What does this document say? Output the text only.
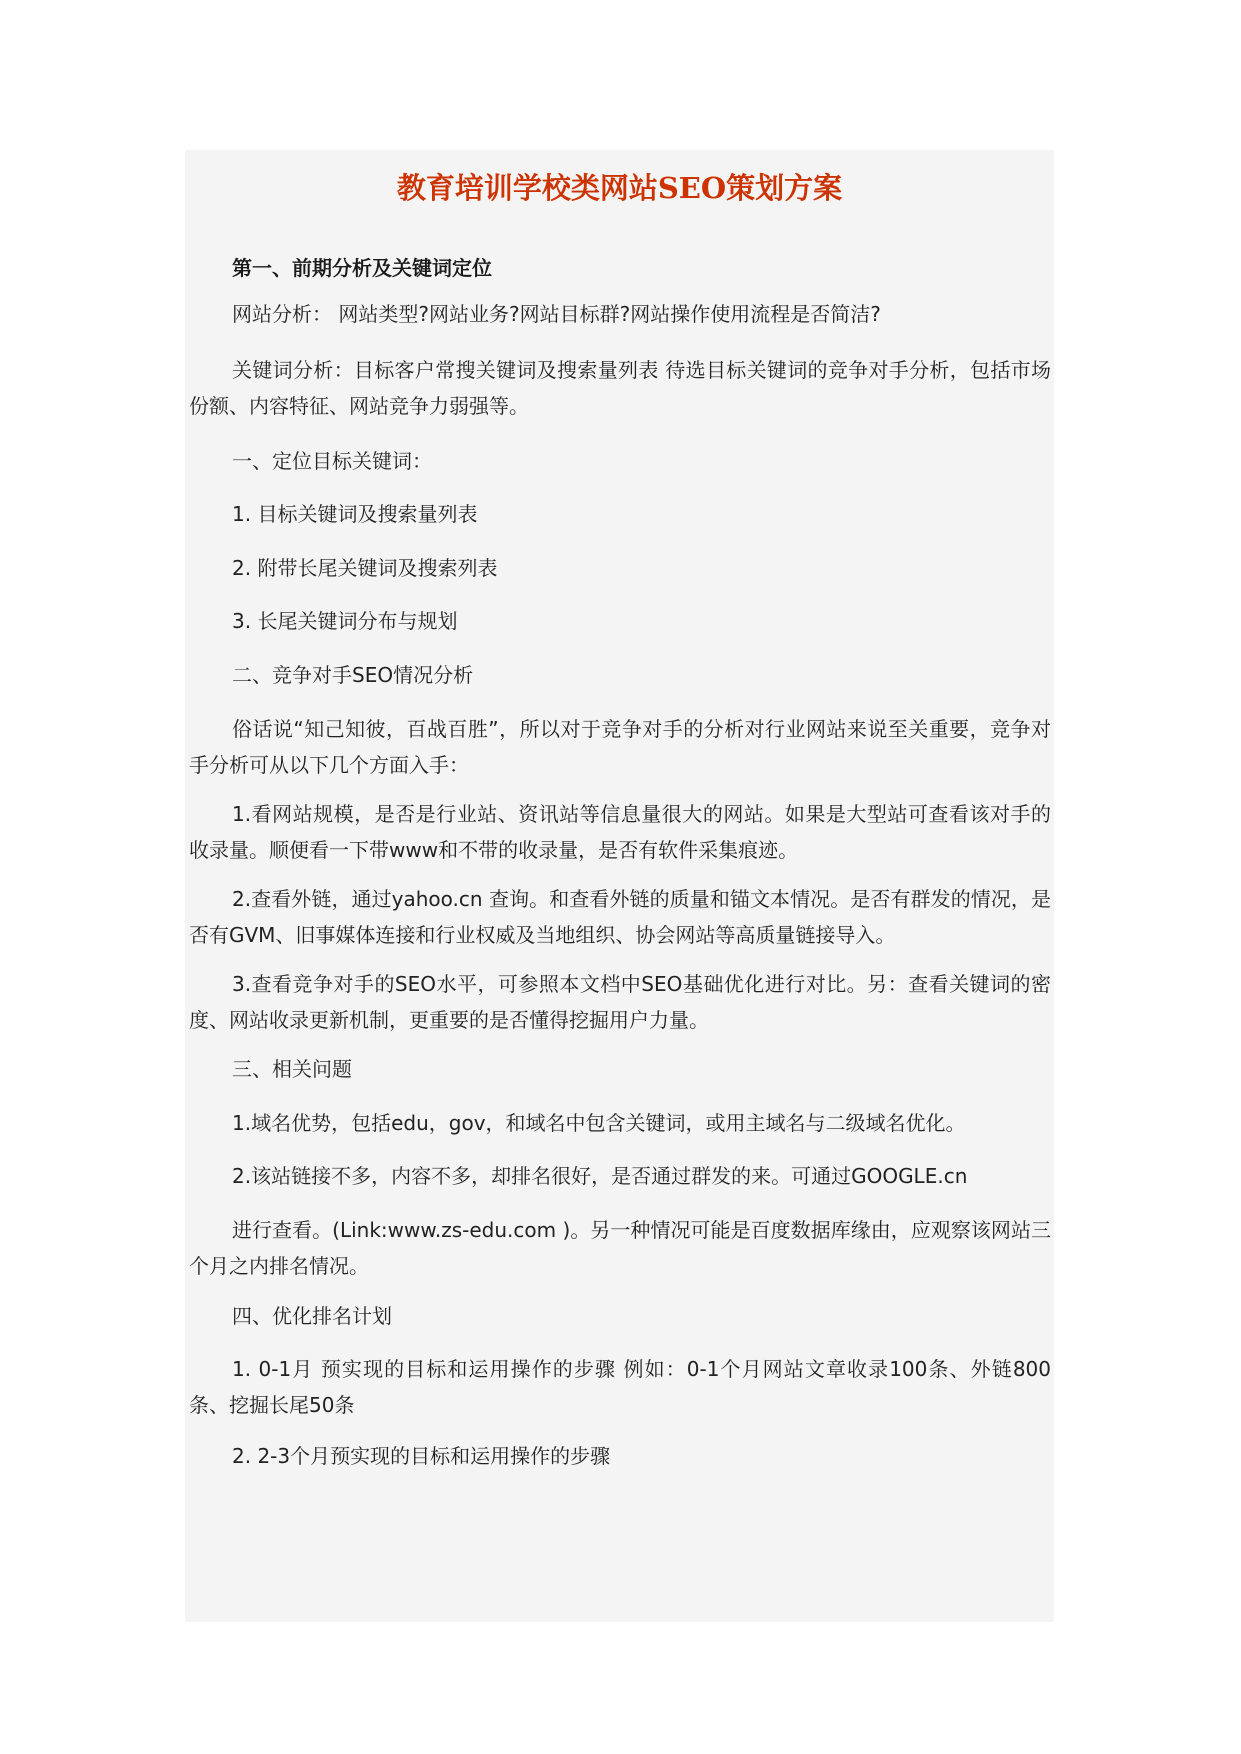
教育培训学校类网站SEO策划方案
第一、前期分析及关键词定位

网站分析： 网站类型?网站业务?网站目标群?网站操作使用流程是否简洁?

关键词分析：目标客户常搜关键词及搜索量列表 待选目标关键词的竞争对手分析，包括市场份额、内容特征、网站竞争力弱强等。

一、定位目标关键词：

1. 目标关键词及搜索量列表

2. 附带长尾关键词及搜索列表

3. 长尾关键词分布与规划

二、竞争对手SEO情况分析

俗话说“知己知彼，百战百胜”，所以对于竞争对手的分析对行业网站来说至关重要，竞争对手分析可从以下几个方面入手：

1.看网站规模，是否是行业站、资讯站等信息量很大的网站。如果是大型站可查看该对手的收录量。顺便看一下带www和不带的收录量，是否有软件采集痕迹。

2.查看外链，通过yahoo.cn 查询。和查看外链的质量和锚文本情况。是否有群发的情况，是否有GVM、旧事媒体连接和行业权威及当地组织、协会网站等高质量链接导入。

3.查看竞争对手的SEO水平，可参照本文档中SEO基础优化进行对比。另：查看关键词的密度、网站收录更新机制，更重要的是否懂得挖掘用户力量。

三、相关问题

1.域名优势，包括edu，gov，和域名中包含关键词，或用主域名与二级域名优化。

2.该站链接不多，内容不多，却排名很好，是否通过群发的来。可通过GOOGLE.cn

进行查看。(Link:www.zs-edu.com )。另一种情况可能是百度数据库缘由，应观察该网站三个月之内排名情况。

四、优化排名计划

1. 0-1月 预实现的目标和运用操作的步骤 例如：0-1个月网站文章收录100条、外链800条、挖掘长尾50条

2. 2-3个月预实现的目标和运用操作的步骤
